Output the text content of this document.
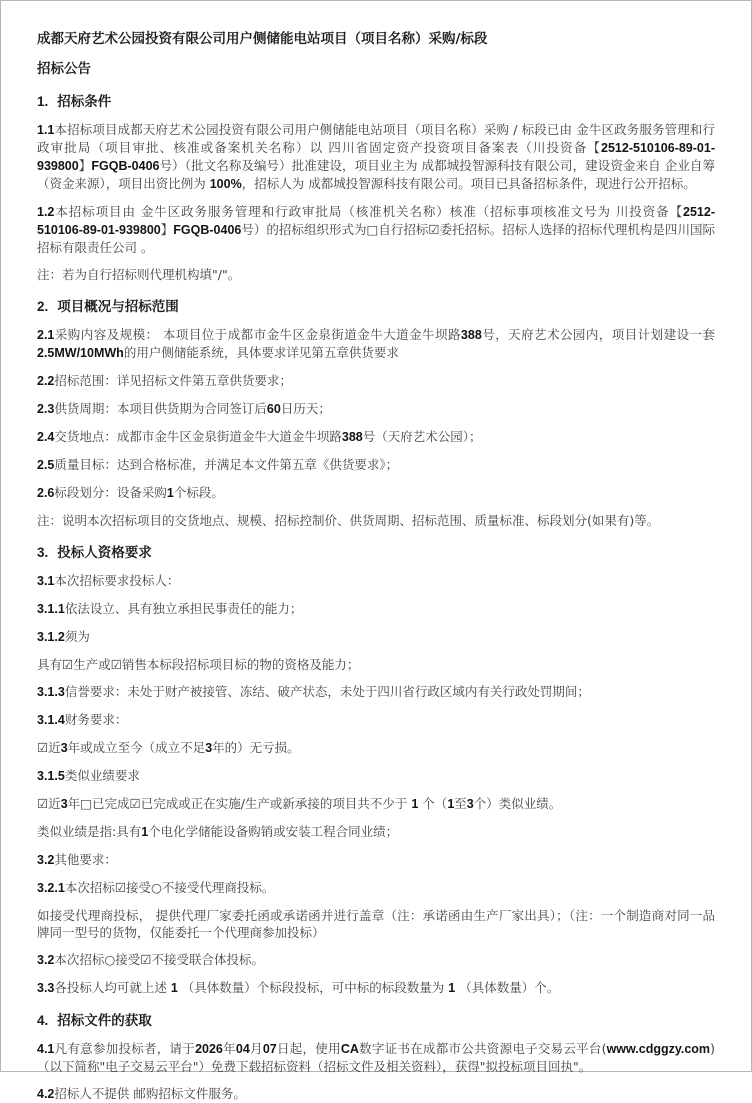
成都天府艺术公园投资有限公司用户侧储能电站项目（项目名称）采购/标段
招标公告
1. 招标条件

1.1本招标项目成都天府艺术公园投资有限公司用户侧储能电站项目（项目名称）采购 / 标段已由 金牛区政务服务管理和行政审批局（项目审批、核准或备案机关名称）以 四川省固定资产投资项目备案表（川投资备【2512-510106-89-01-939800】FGQB-0406号）（批文名称及编号）批准建设，项目业主为 成都城投智源科技有限公司，建设资金来自 企业自筹（资金来源），项目出资比例为 100%，招标人为 成都城投智源科技有限公司。项目已具备招标条件，现进行公开招标。

1.2本招标项目由 金牛区政务服务管理和行政审批局（核准机关名称）核准（招标事项核准文号为 川投资备【2512-510106-89-01-939800】FGQB-0406号）的招标组织形式为□自行招标☑委托招标。招标人选择的招标代理机构是四川国际招标有限责任公司 。

注：若为自行招标则代理机构填"/"。

2. 项目概况与招标范围

2.1采购内容及规模： 本项目位于成都市金牛区金泉街道金牛大道金牛坝路388号，天府艺术公园内，项目计划建设一套 2.5MW/10MWh的用户侧储能系统，具体要求详见第五章供货要求

2.2招标范围：详见招标文件第五章供货要求；

2.3供货周期：本项目供货期为合同签订后60日历天；

2.4交货地点：成都市金牛区金泉街道金牛大道金牛坝路388号（天府艺术公园）；

2.5质量目标：达到合格标准，并满足本文件第五章《供货要求》；

2.6标段划分：设备采购1个标段。

注：说明本次招标项目的交货地点、规模、招标控制价、供货周期、招标范围、质量标准、标段划分(如果有)等。

3. 投标人资格要求

3.1本次招标要求投标人：

3.1.1依法设立、具有独立承担民事责任的能力；

3.1.2须为

具有☑生产或☑销售本标段招标项目标的物的资格及能力；

3.1.3信誉要求：未处于财产被接管、冻结、破产状态，未处于四川省行政区域内有关行政处罚期间；

3.1.4财务要求：

☑近3年或成立至今（成立不足3年的）无亏损。

3.1.5类似业绩要求

☑近3年□已完成☑已完成或正在实施/生产或新承接的项目共不少于 1 个（1至3个）类似业绩。

类似业绩是指:具有1个电化学储能设备购销或安装工程合同业绩；

3.2其他要求：

3.2.1本次招标☑接受○不接受代理商投标。

如接受代理商投标， 提供代理厂家委托函或承诺函并进行盖章（注：承诺函由生产厂家出具）；（注：一个制造商对同一品牌同一型号的货物，仅能委托一个代理商参加投标）

3.2本次招标○接受☑不接受联合体投标。

3.3各投标人均可就上述 1 （具体数量）个标段投标，可中标的标段数量为 1 （具体数量）个。

4. 招标文件的获取

4.1凡有意参加投标者，请于2026年04月07日起，使用CA数字证书在成都市公共资源电子交易云平台(www.cdggzy.com)（以下简称"电子交易云平台"）免费下载招标资料（招标文件及相关资料），获得"拟投标项目回执"。

4.2招标人不提供 邮购招标文件服务。
